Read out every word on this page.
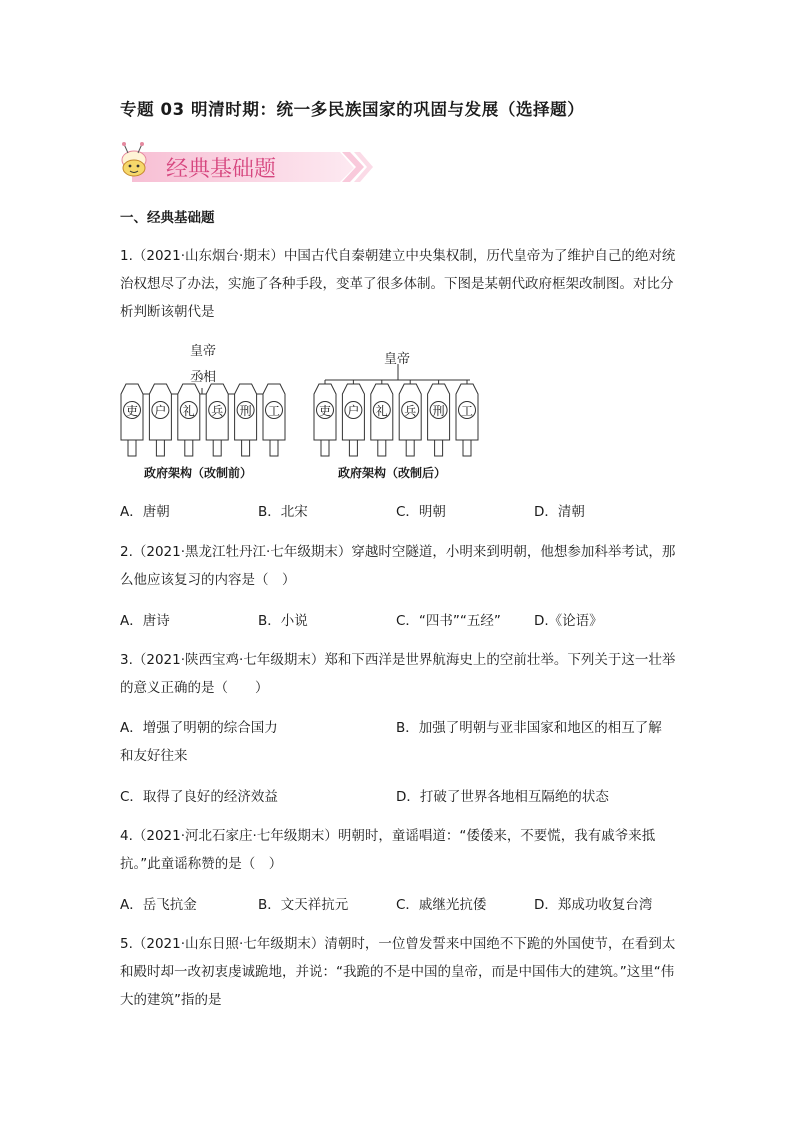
专题 03 明清时期：统一多民族国家的巩固与发展（选择题）
经典基础题
一、经典基础题
1.（2021·山东烟台·期末）中国古代自秦朝建立中央集权制，历代皇帝为了维护自己的绝对统治权想尽了办法，实施了各种手段，变革了很多体制。下图是某朝代政府框架改制图。对比分析判断该朝代是
吏 户 礼 兵 刑 工	吏 户 礼 兵 刑 工
皇帝
丞相
皇帝
政府架构（改制前）	政府架构（改制后）
A．唐朝	B．北宋	C．明朝	D．清朝
2.（2021·黑龙江牡丹江·七年级期末）穿越时空隧道，小明来到明朝，他想参加科举考试，那么他应该复习的内容是（　）
A．唐诗	B．小说	C．“四书”“五经” D.《论语》
3.（2021·陕西宝鸡·七年级期末）郑和下西洋是世界航海史上的空前壮举。下列关于这一壮举的意义正确的是（　　）
A．增强了明朝的综合国力	B．加强了明朝与亚非国家和地区的相互了解
和友好往来
C．取得了良好的经济效益	D．打破了世界各地相互隔绝的状态
4.（2021·河北石家庄·七年级期末）明朝时，童谣唱道：“倭倭来，不要慌，我有戚爷来抵抗。”此童谣称赞的是（　）
A．岳飞抗金	B．文天祥抗元	C．戚继光抗倭	D．郑成功收复台湾
5.（2021·山东日照·七年级期末）清朝时，一位曾发誓来中国绝不下跪的外国使节，在看到太和殿时却一改初衷虔诚跪地，并说：“我跪的不是中国的皇帝，而是中国伟大的建筑。”这里“伟大的建筑”指的是
